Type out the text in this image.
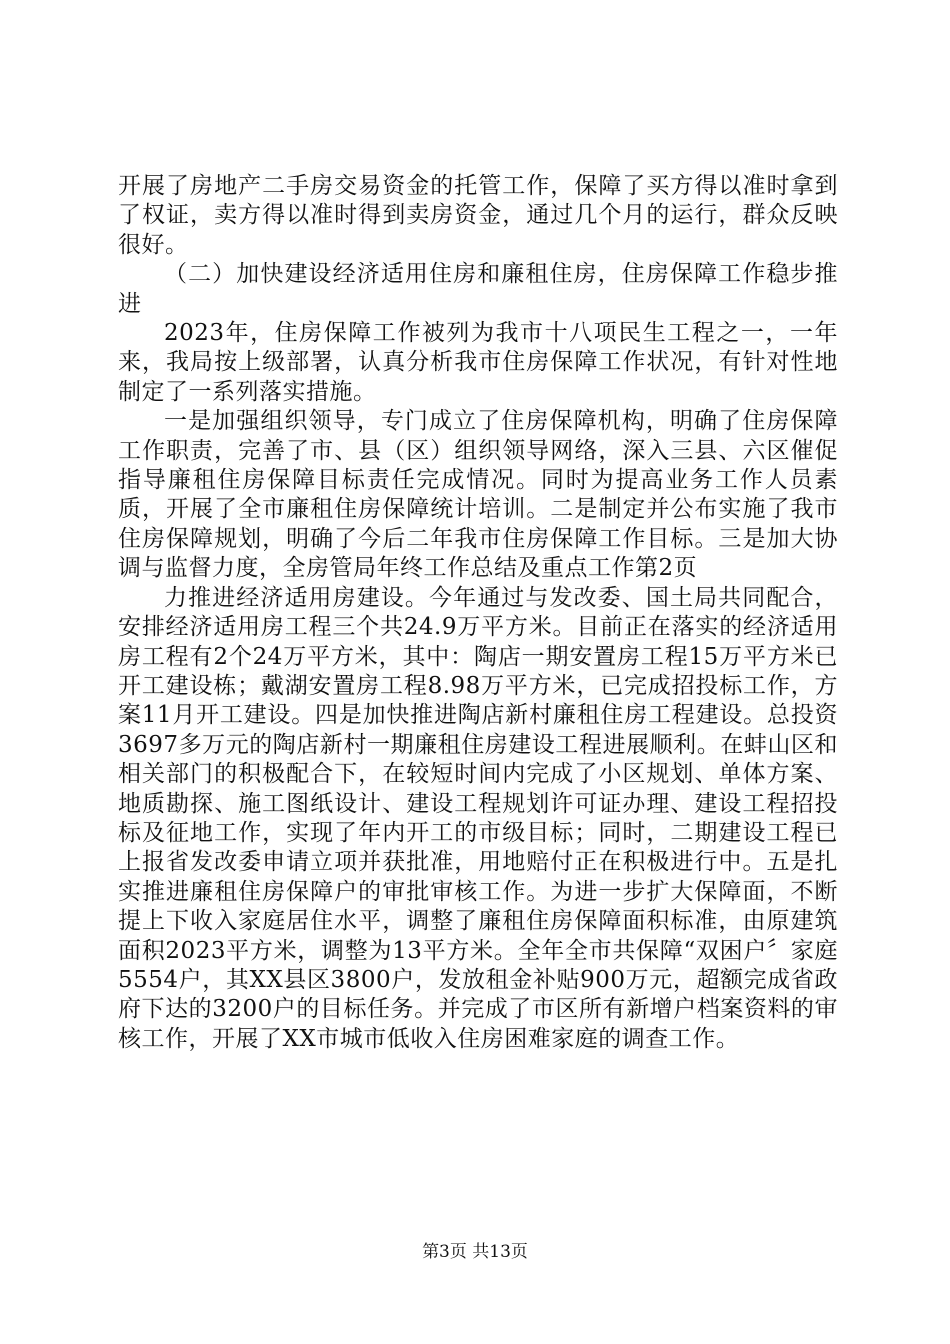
开展了房地产二手房交易资金的托管工作，保障了买方得以准时拿到了权证，卖方得以准时得到卖房资金，通过几个月的运行，群众反映很好。

（二）加快建设经济适用住房和廉租住房，住房保障工作稳步推进

2023年，住房保障工作被列为我市十八项民生工程之一，一年来，我局按上级部署，认真分析我市住房保障工作状况，有针对性地制定了一系列落实措施。

一是加强组织领导，专门成立了住房保障机构，明确了住房保障工作职责，完善了市、县（区）组织领导网络，深入三县、六区催促指导廉租住房保障目标责任完成情况。同时为提高业务工作人员素质，开展了全市廉租住房保障统计培训。二是制定并公布实施了我市住房保障规划，明确了今后二年我市住房保障工作目标。三是加大协调与监督力度，全房管局年终工作总结及重点工作第2页

力推进经济适用房建设。今年通过与发改委、国土局共同配合，安排经济适用房工程三个共24.9万平方米。目前正在落实的经济适用房工程有2个24万平方米，其中：陶店一期安置房工程15万平方米已开工建设栋；戴湖安置房工程8.98万平方米，已完成招投标工作，方案11月开工建设。四是加快推进陶店新村廉租住房工程建设。总投资3697多万元的陶店新村一期廉租住房建设工程进展顺利。在蚌山区和相关部门的积极配合下，在较短时间内完成了小区规划、单体方案、地质勘探、施工图纸设计、建设工程规划许可证办理、建设工程招投标及征地工作，实现了年内开工的市级目标；同时，二期建设工程已上报省发改委申请立项并获批准，用地赔付正在积极进行中。五是扎实推进廉租住房保障户的审批审核工作。为进一步扩大保障面，不断提上下收入家庭居住水平，调整了廉租住房保障面积标准，由原建筑面积2023平方米，调整为13平方米。全年全市共保障“双困户〞家庭5554户，其XX县区3800户，发放租金补贴900万元，超额完成省政府下达的3200户的目标任务。并完成了市区所有新增户档案资料的审核工作，开展了XX市城市低收入住房困难家庭的调查工作。

第3页 共13页
